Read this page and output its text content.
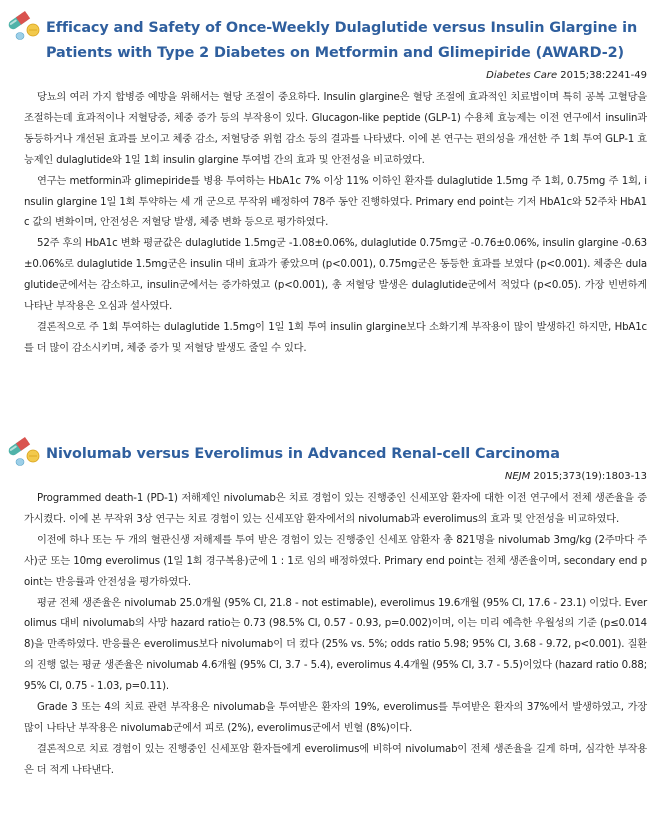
Efficacy and Safety of Once-Weekly Dulaglutide versus Insulin Glargine in Patients with Type 2 Diabetes on Metformin and Glimepiride (AWARD-2)
Diabetes Care 2015;38:2241-49

당뇨의 여러 가지 합병증 예방을 위해서는 혈당 조절이 중요하다. Insulin glargine은 혈당 조절에 효과적인 치료법이며 특히 공복 고혈당을 조절하는데 효과적이나 저혈당증, 체중 증가 등의 부작용이 있다. Glucagon-like peptide (GLP-1) 수용체 효능제는 이전 연구에서 insulin과 동등하거나 개선된 효과를 보이고 체중 감소, 저혈당증 위험 감소 등의 결과를 나타냈다. 이에 본 연구는 편의성을 개선한 주 1회 투여 GLP-1 효능제인 dulaglutide와 1일 1회 insulin glargine 투여법 간의 효과 및 안전성을 비교하였다.

연구는 metformin과 glimepiride를 병용 투여하는 HbA1c 7% 이상 11% 이하인 환자를 dulaglutide 1.5mg 주 1회, 0.75mg 주 1회, insulin glargine 1일 1회 투약하는 세 개 군으로 무작위 배정하여 78주 동안 진행하였다. Primary end point는 기저 HbA1c와 52주차 HbA1c 값의 변화이며, 안전성은 저혈당 발생, 체중 변화 등으로 평가하였다.

52주 후의 HbA1c 변화 평균값은 dulaglutide 1.5mg군 -1.08±0.06%, dulaglutide 0.75mg군 -0.76±0.06%, insulin glargine -0.63±0.06%로 dulaglutide 1.5mg군은 insulin 대비 효과가 좋았으며 (p<0.001), 0.75mg군은 동등한 효과를 보였다 (p<0.001). 체중은 dulaglutide군에서는 감소하고, insulin군에서는 증가하였고 (p<0.001), 총 저혈당 발생은 dulaglutide군에서 적었다 (p<0.05). 가장 빈번하게 나타난 부작용은 오심과 설사였다.

결론적으로 주 1회 투여하는 dulaglutide 1.5mg이 1일 1회 투여 insulin glargine보다 소화기계 부작용이 많이 발생하긴 하지만, HbA1c를 더 많이 감소시키며, 체중 증가 및 저혈당 발생도 줄일 수 있다.

Nivolumab versus Everolimus in Advanced Renal-cell Carcinoma
NEJM 2015;373(19):1803-13

Programmed death-1 (PD-1) 저해제인 nivolumab은 치료 경험이 있는 진행중인 신세포암 환자에 대한 이전 연구에서 전체 생존율을 증가시켰다. 이에 본 무작위 3상 연구는 치료 경험이 있는 신세포암 환자에서의 nivolumab과 everolimus의 효과 및 안전성을 비교하였다.

이전에 하나 또는 두 개의 혈관신생 저해제를 투여 받은 경험이 있는 진행중인 신세포 암환자 총 821명을 nivolumab 3mg/kg (2주마다 주사)군 또는 10mg everolimus (1일 1회 경구복용)군에 1 : 1로 임의 배정하였다. Primary end point는 전체 생존율이며, secondary end point는 반응률과 안전성을 평가하였다.

평균 전체 생존율은 nivolumab 25.0개월 (95% CI, 21.8 - not estimable), everolimus 19.6개월 (95% CI, 17.6 - 23.1) 이었다. Everolimus 대비 nivolumab의 사망 hazard ratio는 0.73 (98.5% CI, 0.57 - 0.93, p=0.002)이며, 이는 미리 예측한 우월성의 기준 (p≤0.0148)을 만족하였다. 반응률은 everolimus보다 nivolumab이 더 컸다 (25% vs. 5%; odds ratio 5.98; 95% CI, 3.68 - 9.72, p<0.001). 질환의 진행 없는 평균 생존율은 nivolumab 4.6개월 (95% CI, 3.7 - 5.4), everolimus 4.4개월 (95% CI, 3.7 - 5.5)이었다 (hazard ratio 0.88; 95% CI, 0.75 - 1.03, p=0.11).

Grade 3 또는 4의 치료 관련 부작용은 nivolumab을 투여받은 환자의 19%, everolimus를 투여받은 환자의 37%에서 발생하였고, 가장 많이 나타난 부작용은 nivolumab군에서 피로 (2%), everolimus군에서 빈혈 (8%)이다.

결론적으로 치료 경험이 있는 진행중인 신세포암 환자들에게 everolimus에 비하여 nivolumab이 전체 생존율을 길게 하며, 심각한 부작용은 더 적게 나타낸다.
